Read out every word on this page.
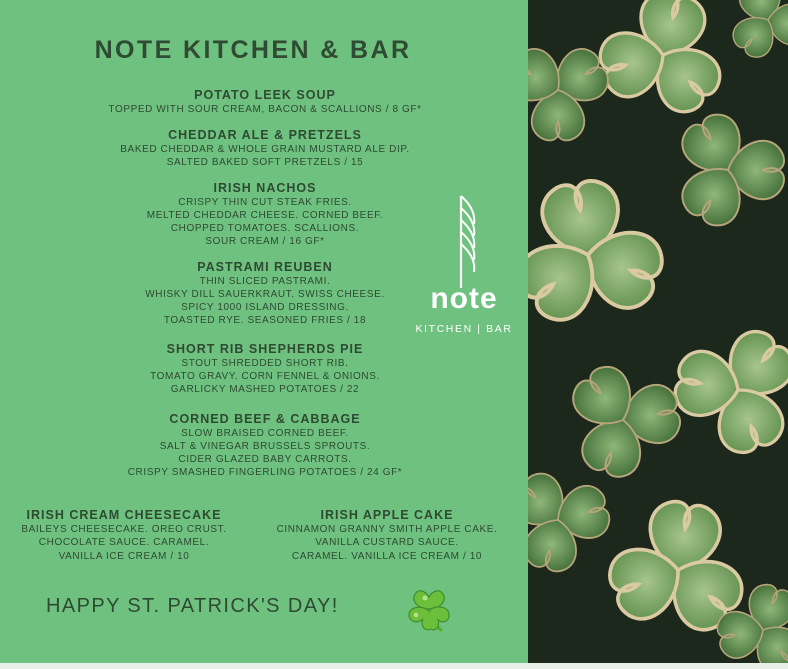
NOTE KITCHEN & BAR
POTATO LEEK SOUP
TOPPED WITH SOUR CREAM, BACON & SCALLIONS / 8 GF*
CHEDDAR ALE & PRETZELS
BAKED CHEDDAR & WHOLE GRAIN MUSTARD ALE DIP.
SALTED BAKED SOFT PRETZELS / 15
IRISH NACHOS
CRISPY THIN CUT STEAK FRIES.
MELTED CHEDDAR CHEESE. CORNED BEEF.
CHOPPED TOMATOES. SCALLIONS.
SOUR CREAM / 16 GF*
PASTRAMI REUBEN
THIN SLICED PASTRAMI.
WHISKY DILL SAUERKRAUT. SWISS CHEESE.
SPICY 1000 ISLAND DRESSING.
TOASTED RYE. SEASONED FRIES / 18
SHORT RIB SHEPHERDS PIE
STOUT SHREDDED SHORT RIB.
TOMATO GRAVY. CORN FENNEL & ONIONS.
GARLICKY MASHED POTATOES / 22
CORNED BEEF & CABBAGE
SLOW BRAISED CORNED BEEF.
SALT & VINEGAR BRUSSELS SPROUTS.
CIDER GLAZED BABY CARROTS.
CRISPY SMASHED FINGERLING POTATOES / 24 GF*
IRISH CREAM CHEESECAKE
BAILEYS CHEESECAKE. OREO CRUST.
CHOCOLATE SAUCE. CARAMEL.
VANILLA ICE CREAM / 10
IRISH APPLE CAKE
CINNAMON GRANNY SMITH APPLE CAKE.
VANILLA CUSTARD SAUCE.
CARAMEL. VANILLA ICE CREAM / 10
HAPPY ST. PATRICK'S DAY!
note
KITCHEN | BAR
